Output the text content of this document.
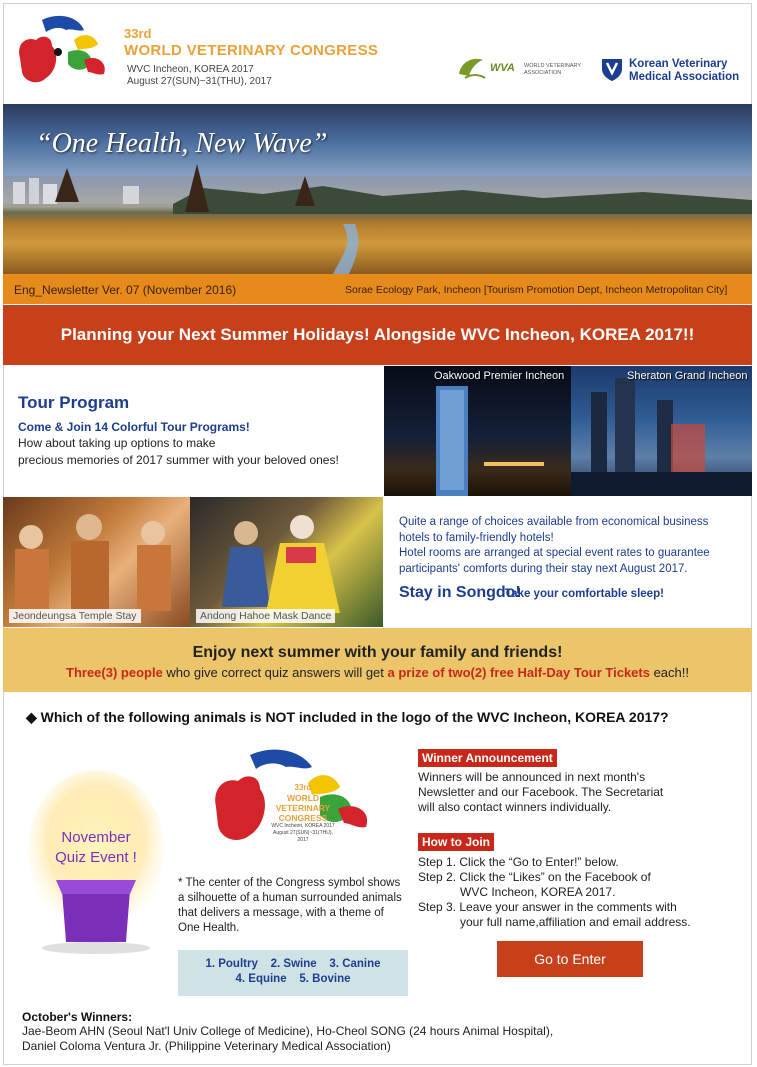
33rd
WORLD VETERINARY CONGRESS
WVC Incheon, KOREA 2017
August 27(SUN)~31(THU), 2017
WVA WORLD VETERINARY ASSOCIATION
Korean Veterinary
Medical Association
“One Health, New Wave”
Eng_Newsletter Ver. 07 (November 2016)	Sorae Ecology Park, Incheon [Tourism Promotion Dept, Incheon Metropolitan City]
Planning your Next Summer Holidays! Alongside WVC Incheon, KOREA 2017!!
Tour Program
Come & Join 14 Colorful Tour Programs!
How about taking up options to make
precious memories of 2017 summer with your beloved ones!
Oakwood Premier Incheon	Sheraton Grand Incheon
Jeondeungsa Temple Stay	Andong Hahoe Mask Dance
Quite a range of choices available from economical business
hotels to family-friendly hotels!
Hotel rooms are arranged at special event rates to guarantee
participants' comforts during their stay next August 2017.
Stay in Songdo!
Take your comfortable sleep!
Enjoy next summer with your family and friends!
Three(3) people who give correct quiz answers will get a prize of two(2) free Half-Day Tour Tickets each!!
◆ Which of the following animals is NOT included in the logo of the WVC Incheon, KOREA 2017?
November
Quiz Event !
33rd
WORLD
VETERINARY
CONGRESS
WVC Incheon, KOREA 2017
August 27(SUN)~31(THU), 2017
* The center of the Congress symbol shows a silhouette of a human surrounded animals that delivers a message, with a theme of One Health.
1. Poultry    2. Swine    3. Canine
4. Equine    5. Bovine
Winner Announcement
Winners will be announced in next month's
Newsletter and our Facebook. The Secretariat
will also contact winners individually.
How to Join
Step 1. Click the “Go to Enter!” below.
Step 2. Click the “Likes” on the Facebook of
WVC Incheon, KOREA 2017.
Step 3. Leave your answer in the comments with
your full name,affiliation and email address.
Go to Enter
October's Winners:
Jae-Beom AHN (Seoul Nat'l Univ College of Medicine), Ho-Cheol SONG (24 hours Animal Hospital),
Daniel Coloma Ventura Jr. (Philippine Veterinary Medical Association)
